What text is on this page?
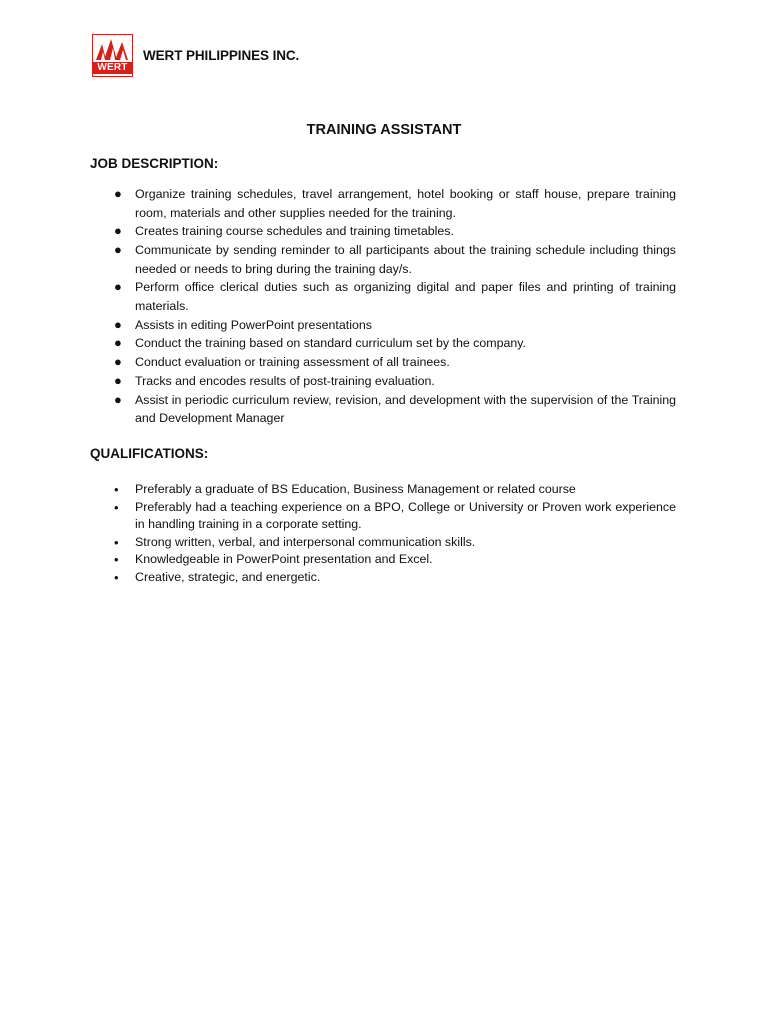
WERT
WERT PHILIPPINES INC.
TRAINING ASSISTANT
JOB DESCRIPTION:
● Organize training schedules, travel arrangement, hotel booking or staff house, prepare training room, materials and other supplies needed for the training.
● Creates training course schedules and training timetables.
● Communicate by sending reminder to all participants about the training schedule including things needed or needs to bring during the training day/s.
● Perform office clerical duties such as organizing digital and paper files and printing of training materials.
● Assists in editing PowerPoint presentations
● Conduct the training based on standard curriculum set by the company.
● Conduct evaluation or training assessment of all trainees.
● Tracks and encodes results of post-training evaluation.
● Assist in periodic curriculum review, revision, and development with the supervision of the Training and Development Manager
QUALIFICATIONS:
• Preferably a graduate of BS Education, Business Management or related course
• Preferably had a teaching experience on a BPO, College or University or Proven work experience in handling training in a corporate setting.
• Strong written, verbal, and interpersonal communication skills.
• Knowledgeable in PowerPoint presentation and Excel.
• Creative, strategic, and energetic.
